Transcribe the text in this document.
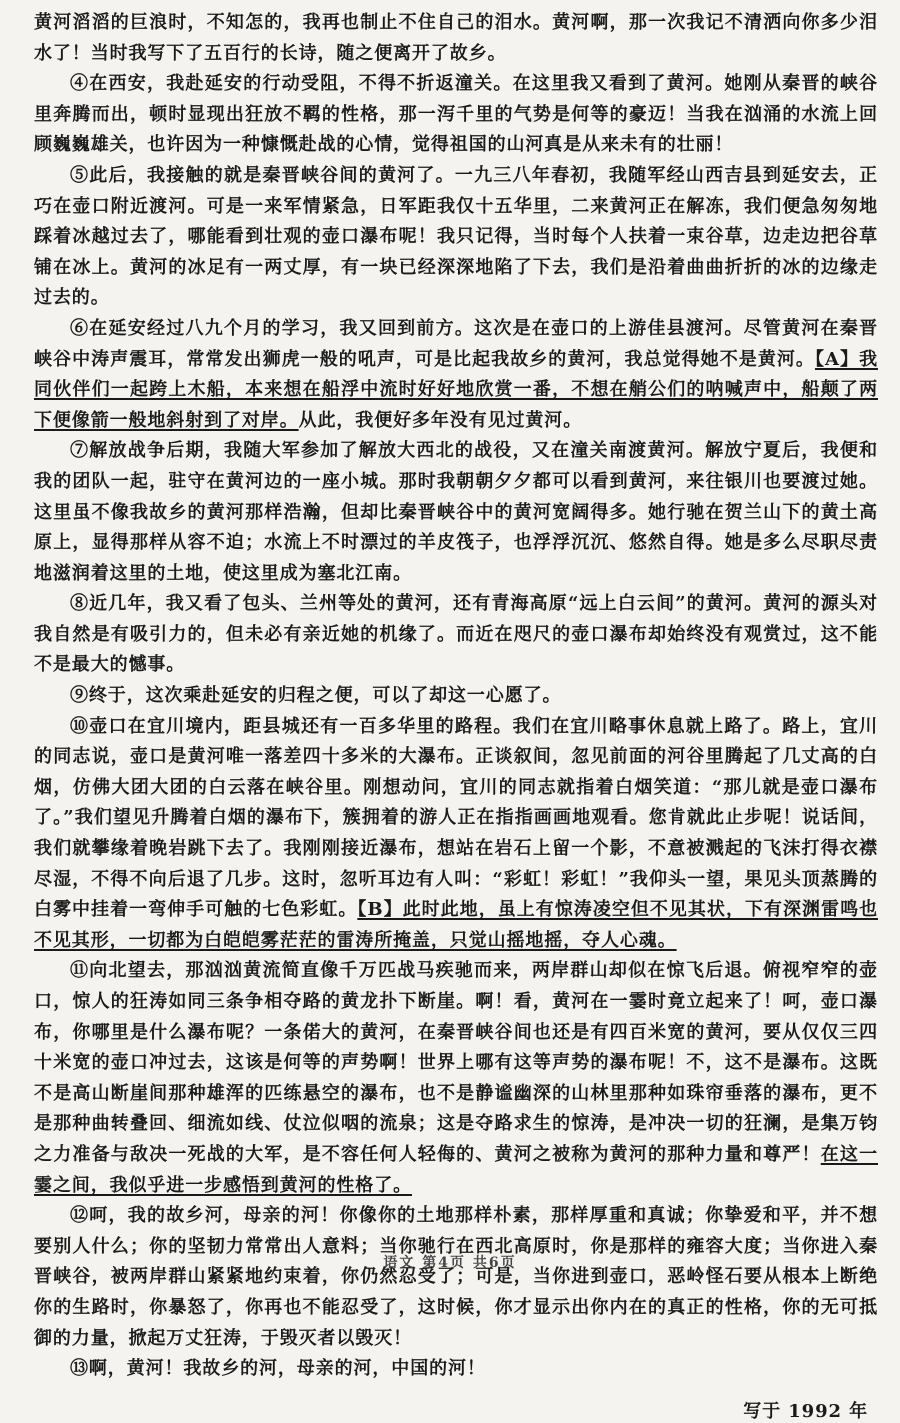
黄河滔滔的巨浪时，不知怎的，我再也制止不住自己的泪水。黄河啊，那一次我记不清洒向你多少泪水了！当时我写下了五百行的长诗，随之便离开了故乡。

④在西安，我赴延安的行动受阻，不得不折返潼关。在这里我又看到了黄河。她刚从秦晋的峡谷里奔腾而出，顿时显现出狂放不羁的性格，那一泻千里的气势是何等的豪迈！当我在汹涌的水流上回顾巍巍雄关，也许因为一种慷慨赴战的心情，觉得祖国的山河真是从来未有的壮丽！

⑤此后，我接触的就是秦晋峡谷间的黄河了。一九三八年春初，我随军经山西吉县到延安去，正巧在壶口附近渡河。可是一来军情紧急，日军距我仅十五华里，二来黄河正在解冻，我们便急匆匆地踩着冰越过去了，哪能看到壮观的壶口瀑布呢！我只记得，当时每个人扶着一束谷草，边走边把谷草铺在冰上。黄河的冰足有一两丈厚，有一块已经深深地陷了下去，我们是沿着曲曲折折的冰的边缘走过去的。

⑥在延安经过八九个月的学习，我又回到前方。这次是在壶口的上游佳县渡河。尽管黄河在秦晋峡谷中涛声震耳，常常发出狮虎一般的吼声，可是比起我故乡的黄河，我总觉得她不是黄河。【A】我同伙伴们一起跨上木船，本来想在船浮中流时好好地欣赏一番，不想在艄公们的呐喊声中，船颠了两下便像箭一般地斜射到了对岸。从此，我便好多年没有见过黄河。

⑦解放战争后期，我随大军参加了解放大西北的战役，又在潼关南渡黄河。解放宁夏后，我便和我的团队一起，驻守在黄河边的一座小城。那时我朝朝夕夕都可以看到黄河，来往银川也要渡过她。这里虽不像我故乡的黄河那样浩瀚，但却比秦晋峡谷中的黄河宽阔得多。她行驰在贺兰山下的黄土高原上，显得那样从容不迫；水流上不时漂过的羊皮筏子，也浮浮沉沉、悠然自得。她是多么尽职尽责地滋润着这里的土地，使这里成为塞北江南。

⑧近几年，我又看了包头、兰州等处的黄河，还有青海高原“远上白云间”的黄河。黄河的源头对我自然是有吸引力的，但未必有亲近她的机缘了。而近在咫尺的壶口瀑布却始终没有观赏过，这不能不是最大的憾事。

⑨终于，这次乘赴延安的归程之便，可以了却这一心愿了。

⑩壶口在宜川境内，距县城还有一百多华里的路程。我们在宜川略事休息就上路了。路上，宜川的同志说，壶口是黄河唯一落差四十多米的大瀑布。正谈叙间，忽见前面的河谷里腾起了几丈高的白烟，仿佛大团大团的白云落在峡谷里。刚想动问，宜川的同志就指着白烟笑道：“那儿就是壶口瀑布了。”我们望见升腾着白烟的瀑布下，簇拥着的游人正在指指画画地观看。您肯就此止步呢！说话间，我们就攀缘着晚岩跳下去了。我刚刚接近瀑布，想站在岩石上留一个影，不意被溅起的飞沫打得衣襟尽湿，不得不向后退了几步。这时，忽听耳边有人叫：“彩虹！彩虹！”我仰头一望，果见头顶蒸腾的白雾中挂着一弯伸手可触的七色彩虹。【B】此时此地，虽上有惊涛凌空但不见其状，下有深渊雷鸣也不见其形，一切都为白皑皑雾茫茫的雷涛所掩盖，只觉山摇地摇，夺人心魂。

⑪向北望去，那汹汹黄流简直像千万匹战马疾驰而来，两岸群山却似在惊飞后退。俯视窄窄的壶口，惊人的狂涛如同三条争相夺路的黄龙扑下断崖。啊！看，黄河在一霎时竟立起来了！呵，壶口瀑布，你哪里是什么瀑布呢？一条偌大的黄河，在秦晋峡谷间也还是有四百米宽的黄河，要从仅仅三四十米宽的壶口冲过去，这该是何等的声势啊！世界上哪有这等声势的瀑布呢！不，这不是瀑布。这既不是高山断崖间那种雄浑的匹练悬空的瀑布，也不是静谧幽深的山林里那种如珠帘垂落的瀑布，更不是那种曲转叠回、细流如线、仗泣似咽的流泉；这是夺路求生的惊涛，是冲决一切的狂澜，是集万钧之力准备与敌决一死战的大军，是不容任何人轻侮的、黄河之被称为黄河的那种力量和尊严！在这一霎之间，我似乎进一步感悟到黄河的性格了。

⑫呵，我的故乡河，母亲的河！你像你的土地那样朴素，那样厚重和真诚；你挚爱和平，并不想要别人什么；你的坚韧力常常出人意料；当你驰行在西北高原时，你是那样的雍容大度；当你进入秦晋峡谷，被两岸群山紧紧地约束着，你仍然忍受了；可是，当你进到壶口，恶岭怪石要从根本上断绝你的生路时，你暴怒了，你再也不能忍受了，这时候，你才显示出你内在的真正的性格，你的无可抵御的力量，掀起万丈狂涛，于毁灭者以毁灭！

⑬啊，黄河！我故乡的河，母亲的河，中国的河！

写于 1992 年
语文 第4页 共6页
